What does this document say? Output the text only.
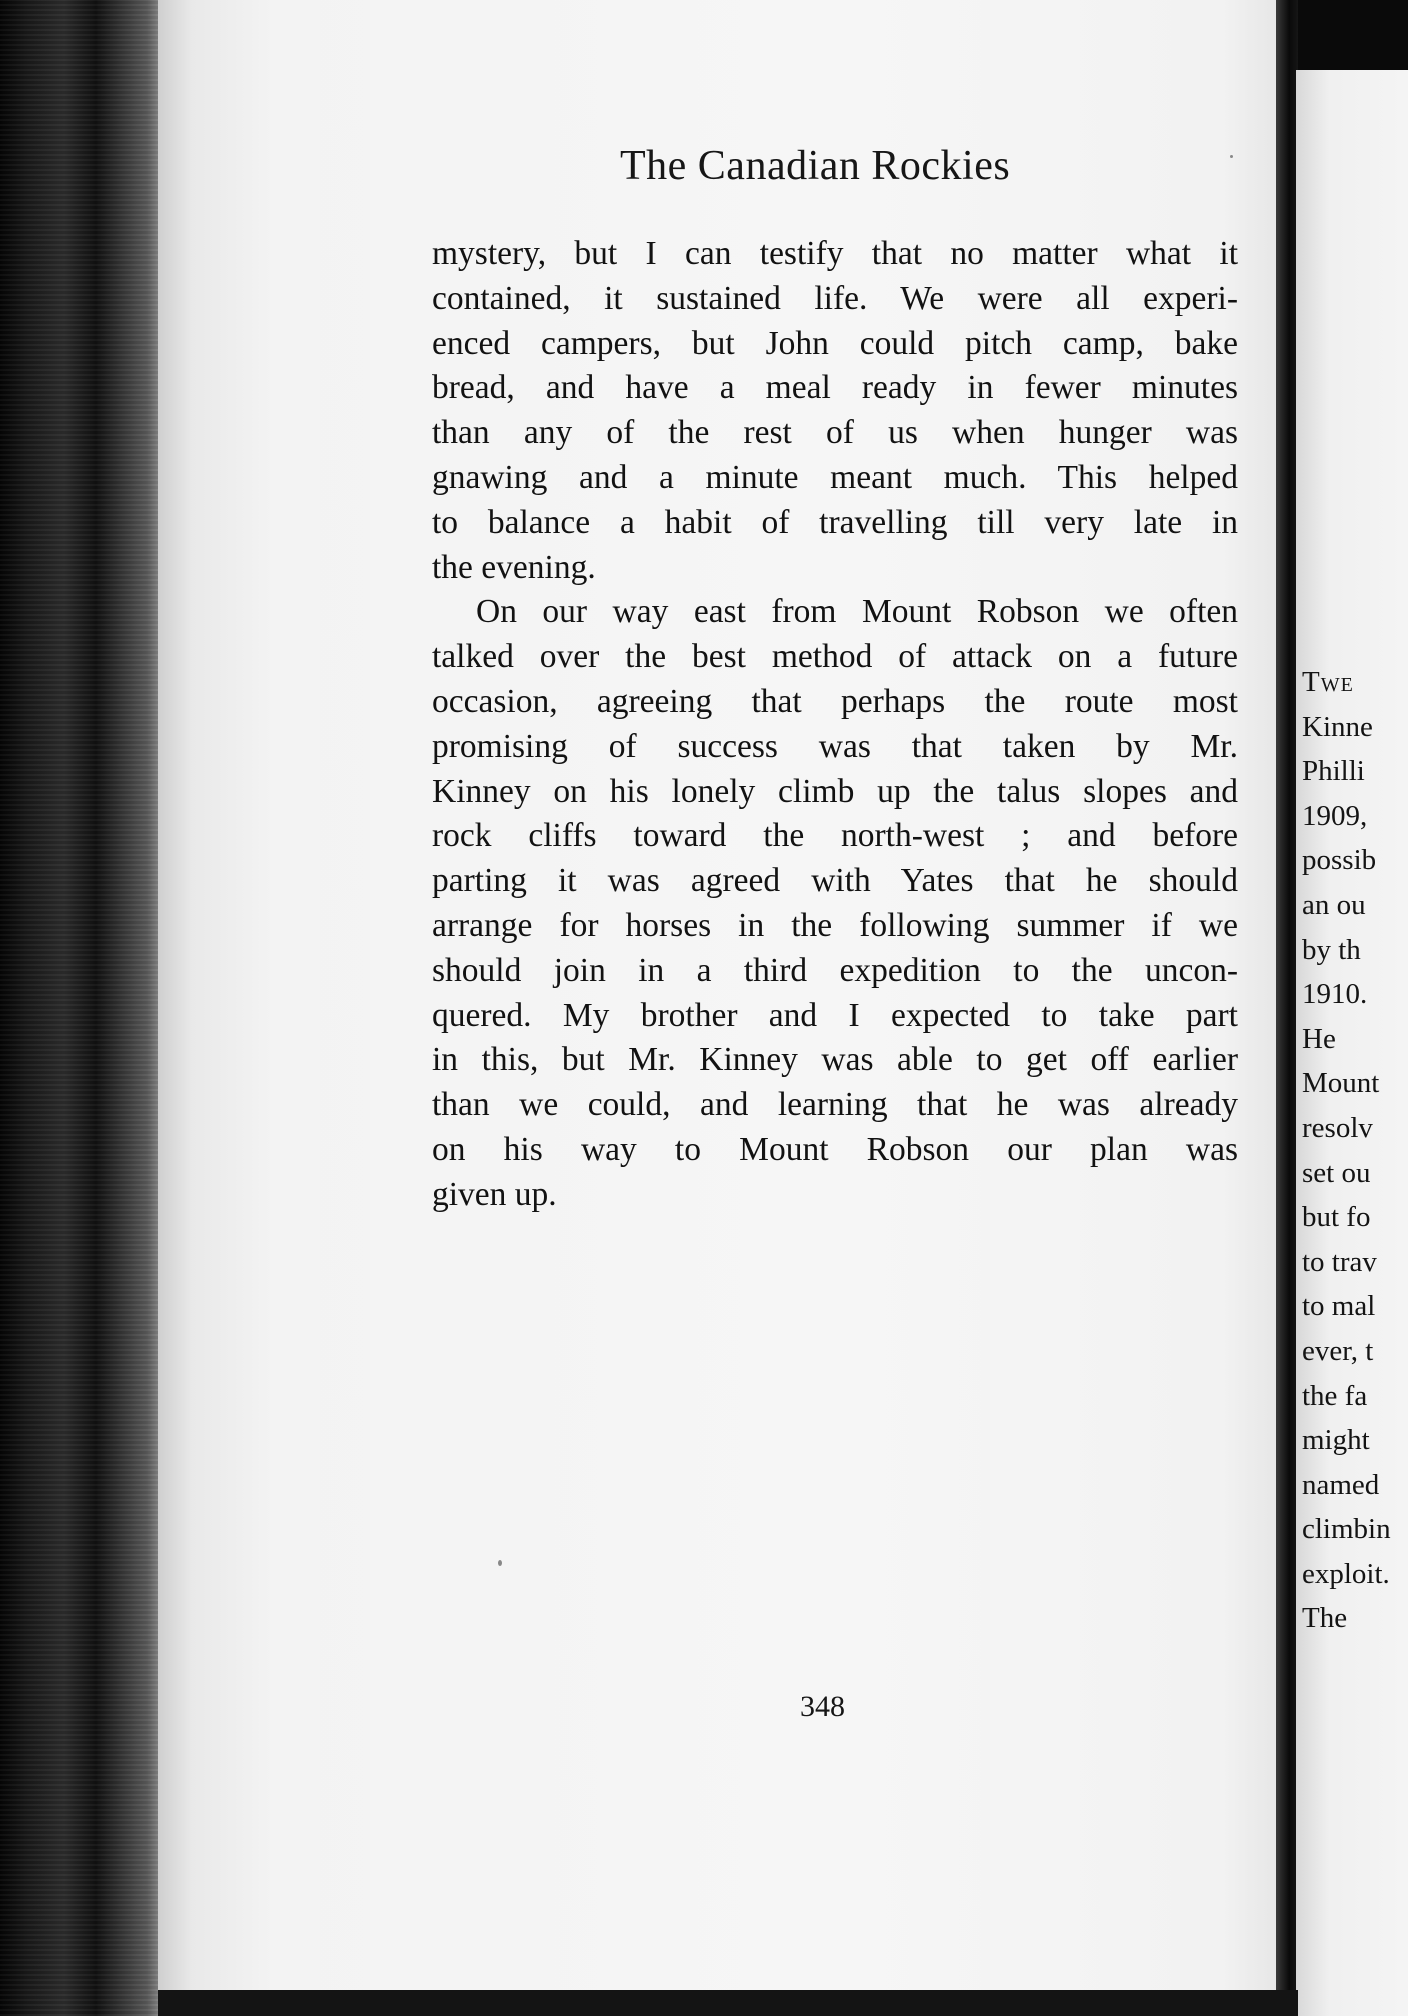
The Canadian Rockies
mystery, but I can testify that no matter what it
contained, it sustained life. We were all experi-
enced campers, but John could pitch camp, bake
bread, and have a meal ready in fewer minutes
than any of the rest of us when hunger was
gnawing and a minute meant much. This helped
to balance a habit of travelling till very late in
the evening.
On our way east from Mount Robson we often
talked over the best method of attack on a future
occasion, agreeing that perhaps the route most
promising of success was that taken by Mr.
Kinney on his lonely climb up the talus slopes and
rock cliffs toward the north-west ; and before
parting it was agreed with Yates that he should
arrange for horses in the following summer if we
should join in a third expedition to the uncon-
quered. My brother and I expected to take part
in this, but Mr. Kinney was able to get off earlier
than we could, and learning that he was already
on his way to Mount Robson our plan was
given up.
348
Twe
Kinne
Philli
1909,
possib
an ou
by th
1910.
He
Mount
resolv
set ou
but fo
to trav
to mal
ever, t
the fa
might
named
climbin
exploit.
The
